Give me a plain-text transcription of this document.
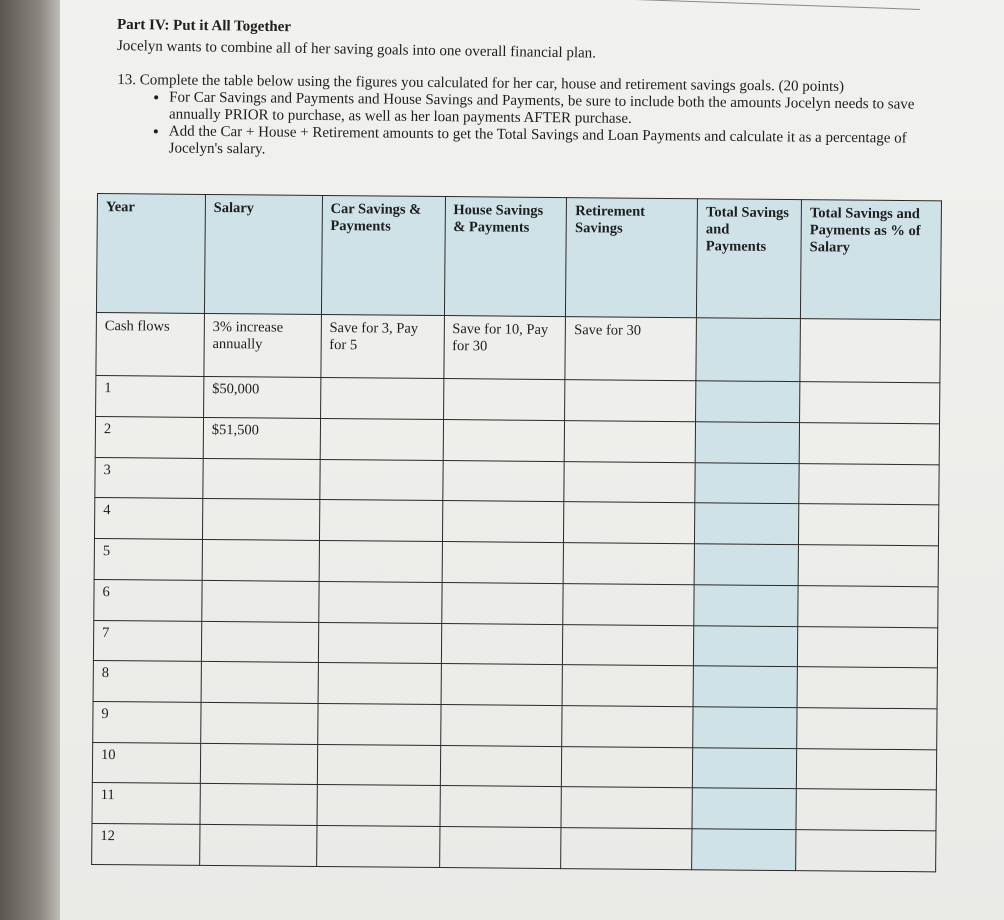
Part IV: Put it All Together
Jocelyn wants to combine all of her saving goals into one overall financial plan.
13. Complete the table below using the figures you calculated for her car, house and retirement savings goals. (20 points)
• For Car Savings and Payments and House Savings and Payments, be sure to include both the amounts Jocelyn needs to save annually PRIOR to purchase, as well as her loan payments AFTER purchase.
• Add the Car + House + Retirement amounts to get the Total Savings and Loan Payments and calculate it as a percentage of Jocelyn's salary.
Year	Salary	Car Savings & Payments	House Savings & Payments	Retirement Savings	Total Savings and Payments	Total Savings and Payments as % of Salary
Cash flows	3% increase annually	Save for 3, Pay for 5	Save for 10, Pay for 30	Save for 30		
1	$50,000					
2	$51,500					
3						
4						
5						
6						
7						
8						
9						
10						
11						
12						
